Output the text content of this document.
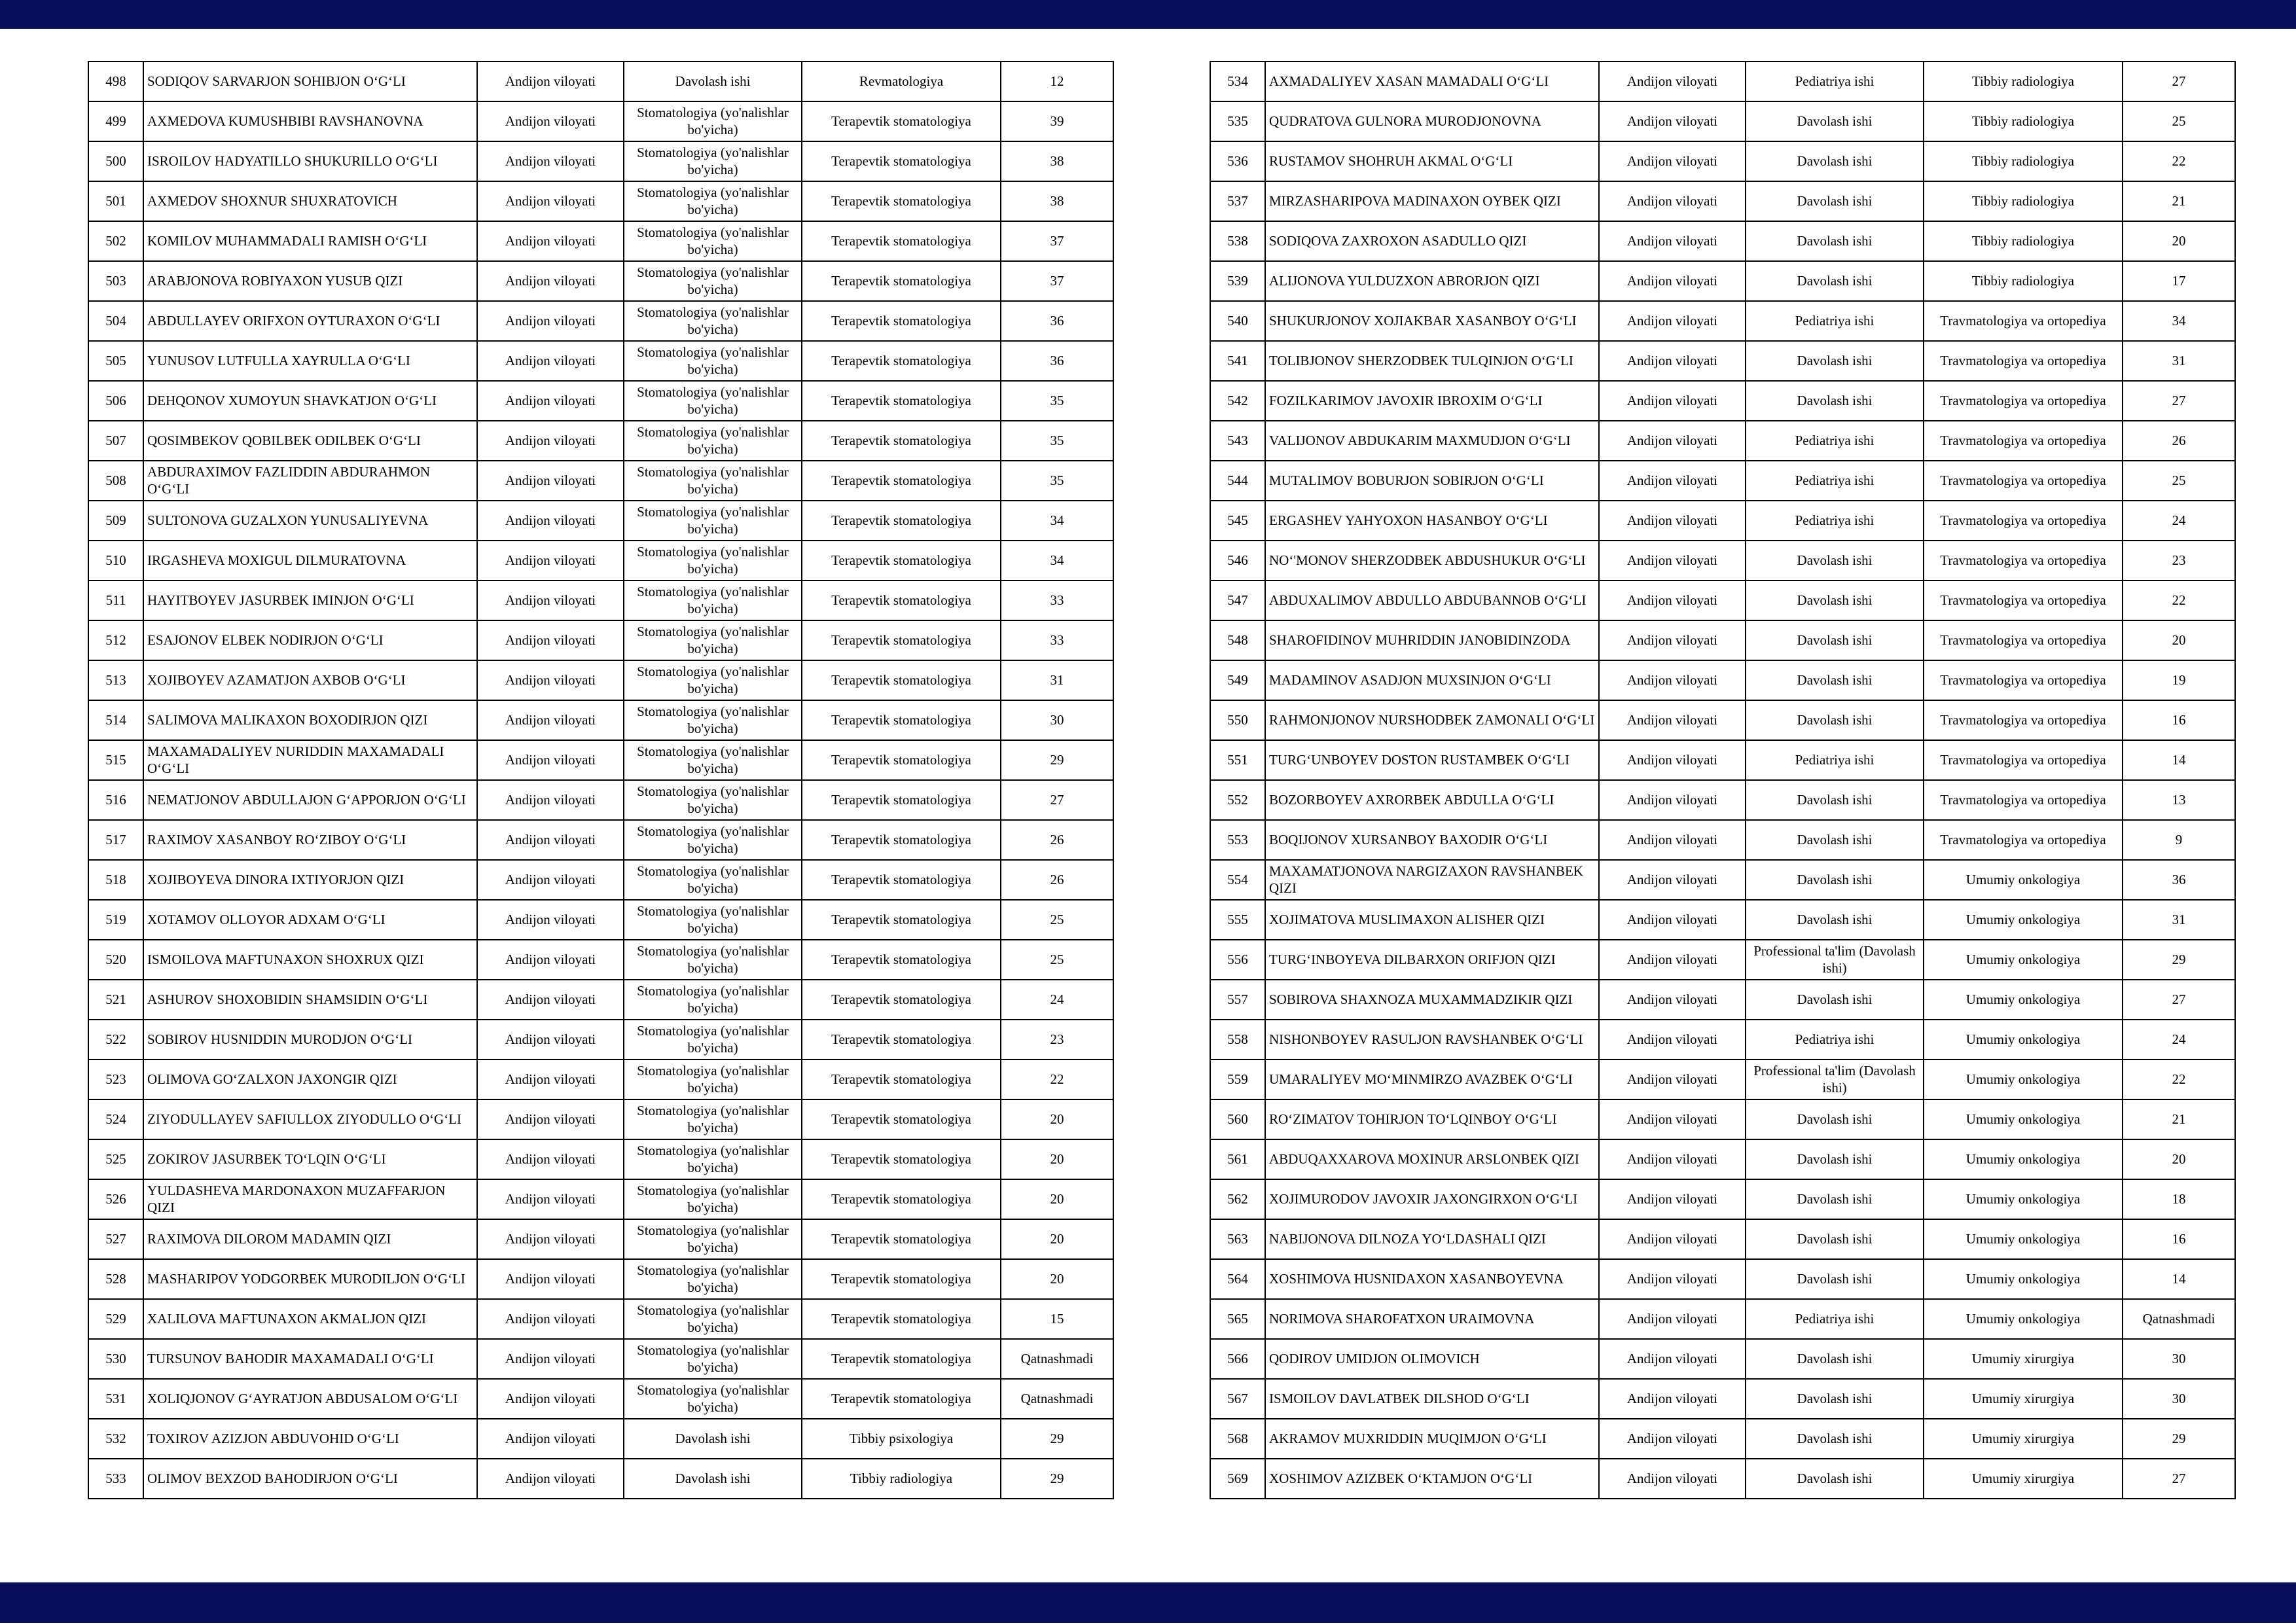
498	SODIQOV SARVARJON SOHIBJON O‘G‘LI	Andijon viloyati	Davolash ishi	Revmatologiya	12
499	AXMEDOVA KUMUSHBIBI RAVSHANOVNA	Andijon viloyati	Stomatologiya (yo'nalishlar bo'yicha)	Terapevtik stomatologiya	39
500	ISROILOV HADYATILLO SHUKURILLO O‘G‘LI	Andijon viloyati	Stomatologiya (yo'nalishlar bo'yicha)	Terapevtik stomatologiya	38
501	AXMEDOV SHOXNUR SHUXRATOVICH	Andijon viloyati	Stomatologiya (yo'nalishlar bo'yicha)	Terapevtik stomatologiya	38
502	KOMILOV MUHAMMADALI RAMISH O‘G‘LI	Andijon viloyati	Stomatologiya (yo'nalishlar bo'yicha)	Terapevtik stomatologiya	37
503	ARABJONOVA ROBIYAXON YUSUB QIZI	Andijon viloyati	Stomatologiya (yo'nalishlar bo'yicha)	Terapevtik stomatologiya	37
504	ABDULLAYEV ORIFXON OYTURAXON O‘G‘LI	Andijon viloyati	Stomatologiya (yo'nalishlar bo'yicha)	Terapevtik stomatologiya	36
505	YUNUSOV LUTFULLA XAYRULLA O‘G‘LI	Andijon viloyati	Stomatologiya (yo'nalishlar bo'yicha)	Terapevtik stomatologiya	36
506	DEHQONOV XUMOYUN SHAVKATJON O‘G‘LI	Andijon viloyati	Stomatologiya (yo'nalishlar bo'yicha)	Terapevtik stomatologiya	35
507	QOSIMBEKOV QOBILBEK ODILBEK O‘G‘LI	Andijon viloyati	Stomatologiya (yo'nalishlar bo'yicha)	Terapevtik stomatologiya	35
508	ABDURAXIMOV FAZLIDDIN ABDURAHMON O‘G‘LI	Andijon viloyati	Stomatologiya (yo'nalishlar bo'yicha)	Terapevtik stomatologiya	35
509	SULTONOVA GUZALXON YUNUSALIYEVNA	Andijon viloyati	Stomatologiya (yo'nalishlar bo'yicha)	Terapevtik stomatologiya	34
510	IRGASHEVA MOXIGUL DILMURATOVNA	Andijon viloyati	Stomatologiya (yo'nalishlar bo'yicha)	Terapevtik stomatologiya	34
511	HAYITBOYEV JASURBEK IMINJON O‘G‘LI	Andijon viloyati	Stomatologiya (yo'nalishlar bo'yicha)	Terapevtik stomatologiya	33
512	ESAJONOV ELBEK NODIRJON O‘G‘LI	Andijon viloyati	Stomatologiya (yo'nalishlar bo'yicha)	Terapevtik stomatologiya	33
513	XOJIBOYEV AZAMATJON AXBOB O‘G‘LI	Andijon viloyati	Stomatologiya (yo'nalishlar bo'yicha)	Terapevtik stomatologiya	31
514	SALIMOVA MALIKAXON BOXODIRJON QIZI	Andijon viloyati	Stomatologiya (yo'nalishlar bo'yicha)	Terapevtik stomatologiya	30
515	MAXAMADALIYEV NURIDDIN MAXAMADALI O‘G‘LI	Andijon viloyati	Stomatologiya (yo'nalishlar bo'yicha)	Terapevtik stomatologiya	29
516	NEMATJONOV ABDULLAJON G‘APPORJON O‘G‘LI	Andijon viloyati	Stomatologiya (yo'nalishlar bo'yicha)	Terapevtik stomatologiya	27
517	RAXIMOV XASANBOY RO‘ZIBOY O‘G‘LI	Andijon viloyati	Stomatologiya (yo'nalishlar bo'yicha)	Terapevtik stomatologiya	26
518	XOJIBOYEVA DINORA IXTIYORJON QIZI	Andijon viloyati	Stomatologiya (yo'nalishlar bo'yicha)	Terapevtik stomatologiya	26
519	XOTAMOV OLLOYOR ADXAM O‘G‘LI	Andijon viloyati	Stomatologiya (yo'nalishlar bo'yicha)	Terapevtik stomatologiya	25
520	ISMOILOVA MAFTUNAXON SHOXRUX QIZI	Andijon viloyati	Stomatologiya (yo'nalishlar bo'yicha)	Terapevtik stomatologiya	25
521	ASHUROV SHOXOBIDIN SHAMSIDIN O‘G‘LI	Andijon viloyati	Stomatologiya (yo'nalishlar bo'yicha)	Terapevtik stomatologiya	24
522	SOBIROV HUSNIDDIN MURODJON O‘G‘LI	Andijon viloyati	Stomatologiya (yo'nalishlar bo'yicha)	Terapevtik stomatologiya	23
523	OLIMOVA GO‘ZALXON JAXONGIR QIZI	Andijon viloyati	Stomatologiya (yo'nalishlar bo'yicha)	Terapevtik stomatologiya	22
524	ZIYODULLAYEV SAFIULLOX ZIYODULLO O‘G‘LI	Andijon viloyati	Stomatologiya (yo'nalishlar bo'yicha)	Terapevtik stomatologiya	20
525	ZOKIROV JASURBEK TO‘LQIN O‘G‘LI	Andijon viloyati	Stomatologiya (yo'nalishlar bo'yicha)	Terapevtik stomatologiya	20
526	YULDASHEVA MARDONAXON MUZAFFARJON QIZI	Andijon viloyati	Stomatologiya (yo'nalishlar bo'yicha)	Terapevtik stomatologiya	20
527	RAXIMOVA DILOROM MADAMIN QIZI	Andijon viloyati	Stomatologiya (yo'nalishlar bo'yicha)	Terapevtik stomatologiya	20
528	MASHARIPOV YODGORBEK MURODILJON O‘G‘LI	Andijon viloyati	Stomatologiya (yo'nalishlar bo'yicha)	Terapevtik stomatologiya	20
529	XALILOVA MAFTUNAXON AKMALJON QIZI	Andijon viloyati	Stomatologiya (yo'nalishlar bo'yicha)	Terapevtik stomatologiya	15
530	TURSUNOV BAHODIR MAXAMADALI O‘G‘LI	Andijon viloyati	Stomatologiya (yo'nalishlar bo'yicha)	Terapevtik stomatologiya	Qatnashmadi
531	XOLIQJONOV G‘AYRATJON ABDUSALOM O‘G‘LI	Andijon viloyati	Stomatologiya (yo'nalishlar bo'yicha)	Terapevtik stomatologiya	Qatnashmadi
532	TOXIROV AZIZJON ABDUVOHID O‘G‘LI	Andijon viloyati	Davolash ishi	Tibbiy psixologiya	29
533	OLIMOV BEXZOD BAHODIRJON O‘G‘LI	Andijon viloyati	Davolash ishi	Tibbiy radiologiya	29
534	AXMADALIYEV XASAN MAMADALI O‘G‘LI	Andijon viloyati	Pediatriya ishi	Tibbiy radiologiya	27
535	QUDRATOVA GULNORA MURODJONOVNA	Andijon viloyati	Davolash ishi	Tibbiy radiologiya	25
536	RUSTAMOV SHOHRUH AKMAL O‘G‘LI	Andijon viloyati	Davolash ishi	Tibbiy radiologiya	22
537	MIRZASHARIPOVA MADINAXON OYBEK QIZI	Andijon viloyati	Davolash ishi	Tibbiy radiologiya	21
538	SODIQOVA ZAXROXON ASADULLO QIZI	Andijon viloyati	Davolash ishi	Tibbiy radiologiya	20
539	ALIJONOVA YULDUZXON ABRORJON QIZI	Andijon viloyati	Davolash ishi	Tibbiy radiologiya	17
540	SHUKURJONOV XOJIAKBAR XASANBOY O‘G‘LI	Andijon viloyati	Pediatriya ishi	Travmatologiya va ortopediya	34
541	TOLIBJONOV SHERZODBEK TULQINJON O‘G‘LI	Andijon viloyati	Davolash ishi	Travmatologiya va ortopediya	31
542	FOZILKARIMOV JAVOXIR IBROXIM O‘G‘LI	Andijon viloyati	Davolash ishi	Travmatologiya va ortopediya	27
543	VALIJONOV ABDUKARIM MAXMUDJON O‘G‘LI	Andijon viloyati	Pediatriya ishi	Travmatologiya va ortopediya	26
544	MUTALIMOV BOBURJON SOBIRJON O‘G‘LI	Andijon viloyati	Pediatriya ishi	Travmatologiya va ortopediya	25
545	ERGASHEV YAHYOXON HASANBOY O‘G‘LI	Andijon viloyati	Pediatriya ishi	Travmatologiya va ortopediya	24
546	NO‘'MONOV SHERZODBEK ABDUSHUKUR O‘G‘LI	Andijon viloyati	Davolash ishi	Travmatologiya va ortopediya	23
547	ABDUXALIMOV ABDULLO ABDUBANNOB O‘G‘LI	Andijon viloyati	Davolash ishi	Travmatologiya va ortopediya	22
548	SHAROFIDINOV MUHRIDDIN JANOBIDINZODA	Andijon viloyati	Davolash ishi	Travmatologiya va ortopediya	20
549	MADAMINOV ASADJON MUXSINJON O‘G‘LI	Andijon viloyati	Davolash ishi	Travmatologiya va ortopediya	19
550	RAHMONJONOV NURSHODBEK ZAMONALI O‘G‘LI	Andijon viloyati	Davolash ishi	Travmatologiya va ortopediya	16
551	TURG‘UNBOYEV DOSTON RUSTAMBEK O‘G‘LI	Andijon viloyati	Pediatriya ishi	Travmatologiya va ortopediya	14
552	BOZORBOYEV AXRORBEK ABDULLA O‘G‘LI	Andijon viloyati	Davolash ishi	Travmatologiya va ortopediya	13
553	BOQIJONOV XURSANBOY BAXODIR O‘G‘LI	Andijon viloyati	Davolash ishi	Travmatologiya va ortopediya	9
554	MAXAMATJONOVA NARGIZAXON RAVSHANBEK QIZI	Andijon viloyati	Davolash ishi	Umumiy onkologiya	36
555	XOJIMATOVA MUSLIMAXON ALISHER QIZI	Andijon viloyati	Davolash ishi	Umumiy onkologiya	31
556	TURG‘INBOYEVA DILBARXON ORIFJON QIZI	Andijon viloyati	Professional ta'lim (Davolash ishi)	Umumiy onkologiya	29
557	SOBIROVA SHAXNOZA MUXAMMADZIKIR QIZI	Andijon viloyati	Davolash ishi	Umumiy onkologiya	27
558	NISHONBOYEV RASULJON RAVSHANBEK O‘G‘LI	Andijon viloyati	Pediatriya ishi	Umumiy onkologiya	24
559	UMARALIYEV MO‘MINMIRZO AVAZBEK O‘G‘LI	Andijon viloyati	Professional ta'lim (Davolash ishi)	Umumiy onkologiya	22
560	RO‘ZIMATOV TOHIRJON TO‘LQINBOY O‘G‘LI	Andijon viloyati	Davolash ishi	Umumiy onkologiya	21
561	ABDUQAXXAROVA MOXINUR ARSLONBEK QIZI	Andijon viloyati	Davolash ishi	Umumiy onkologiya	20
562	XOJIMURODOV JAVOXIR JAXONGIRXON O‘G‘LI	Andijon viloyati	Davolash ishi	Umumiy onkologiya	18
563	NABIJONOVA DILNOZA YO‘LDASHALI QIZI	Andijon viloyati	Davolash ishi	Umumiy onkologiya	16
564	XOSHIMOVA HUSNIDAXON XASANBOYEVNA	Andijon viloyati	Davolash ishi	Umumiy onkologiya	14
565	NORIMOVA SHAROFATXON URAIMOVNA	Andijon viloyati	Pediatriya ishi	Umumiy onkologiya	Qatnashmadi
566	QODIROV UMIDJON OLIMOVICH	Andijon viloyati	Davolash ishi	Umumiy xirurgiya	30
567	ISMOILOV DAVLATBEK DILSHOD O‘G‘LI	Andijon viloyati	Davolash ishi	Umumiy xirurgiya	30
568	AKRAMOV MUXRIDDIN MUQIMJON O‘G‘LI	Andijon viloyati	Davolash ishi	Umumiy xirurgiya	29
569	XOSHIMOV AZIZBEK O‘KTAMJON O‘G‘LI	Andijon viloyati	Davolash ishi	Umumiy xirurgiya	27
